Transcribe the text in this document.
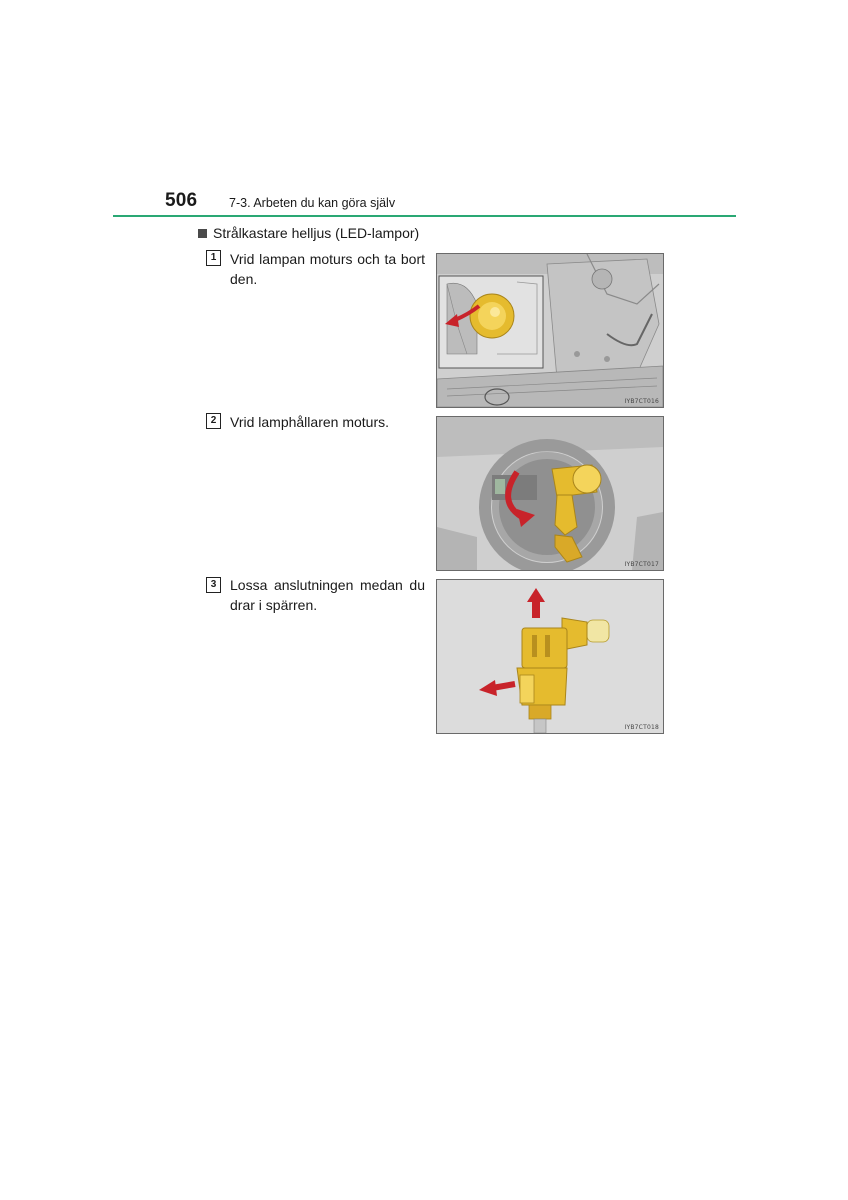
506	7-3. Arbeten du kan göra själv
Strålkastare helljus (LED-lampor)
1 Vrid lampan moturs och ta bort den.
IYB7CT016
2 Vrid lamphållaren moturs.
IYB7CT017
3 Lossa anslutningen medan du drar i spärren.
IYB7CT018
